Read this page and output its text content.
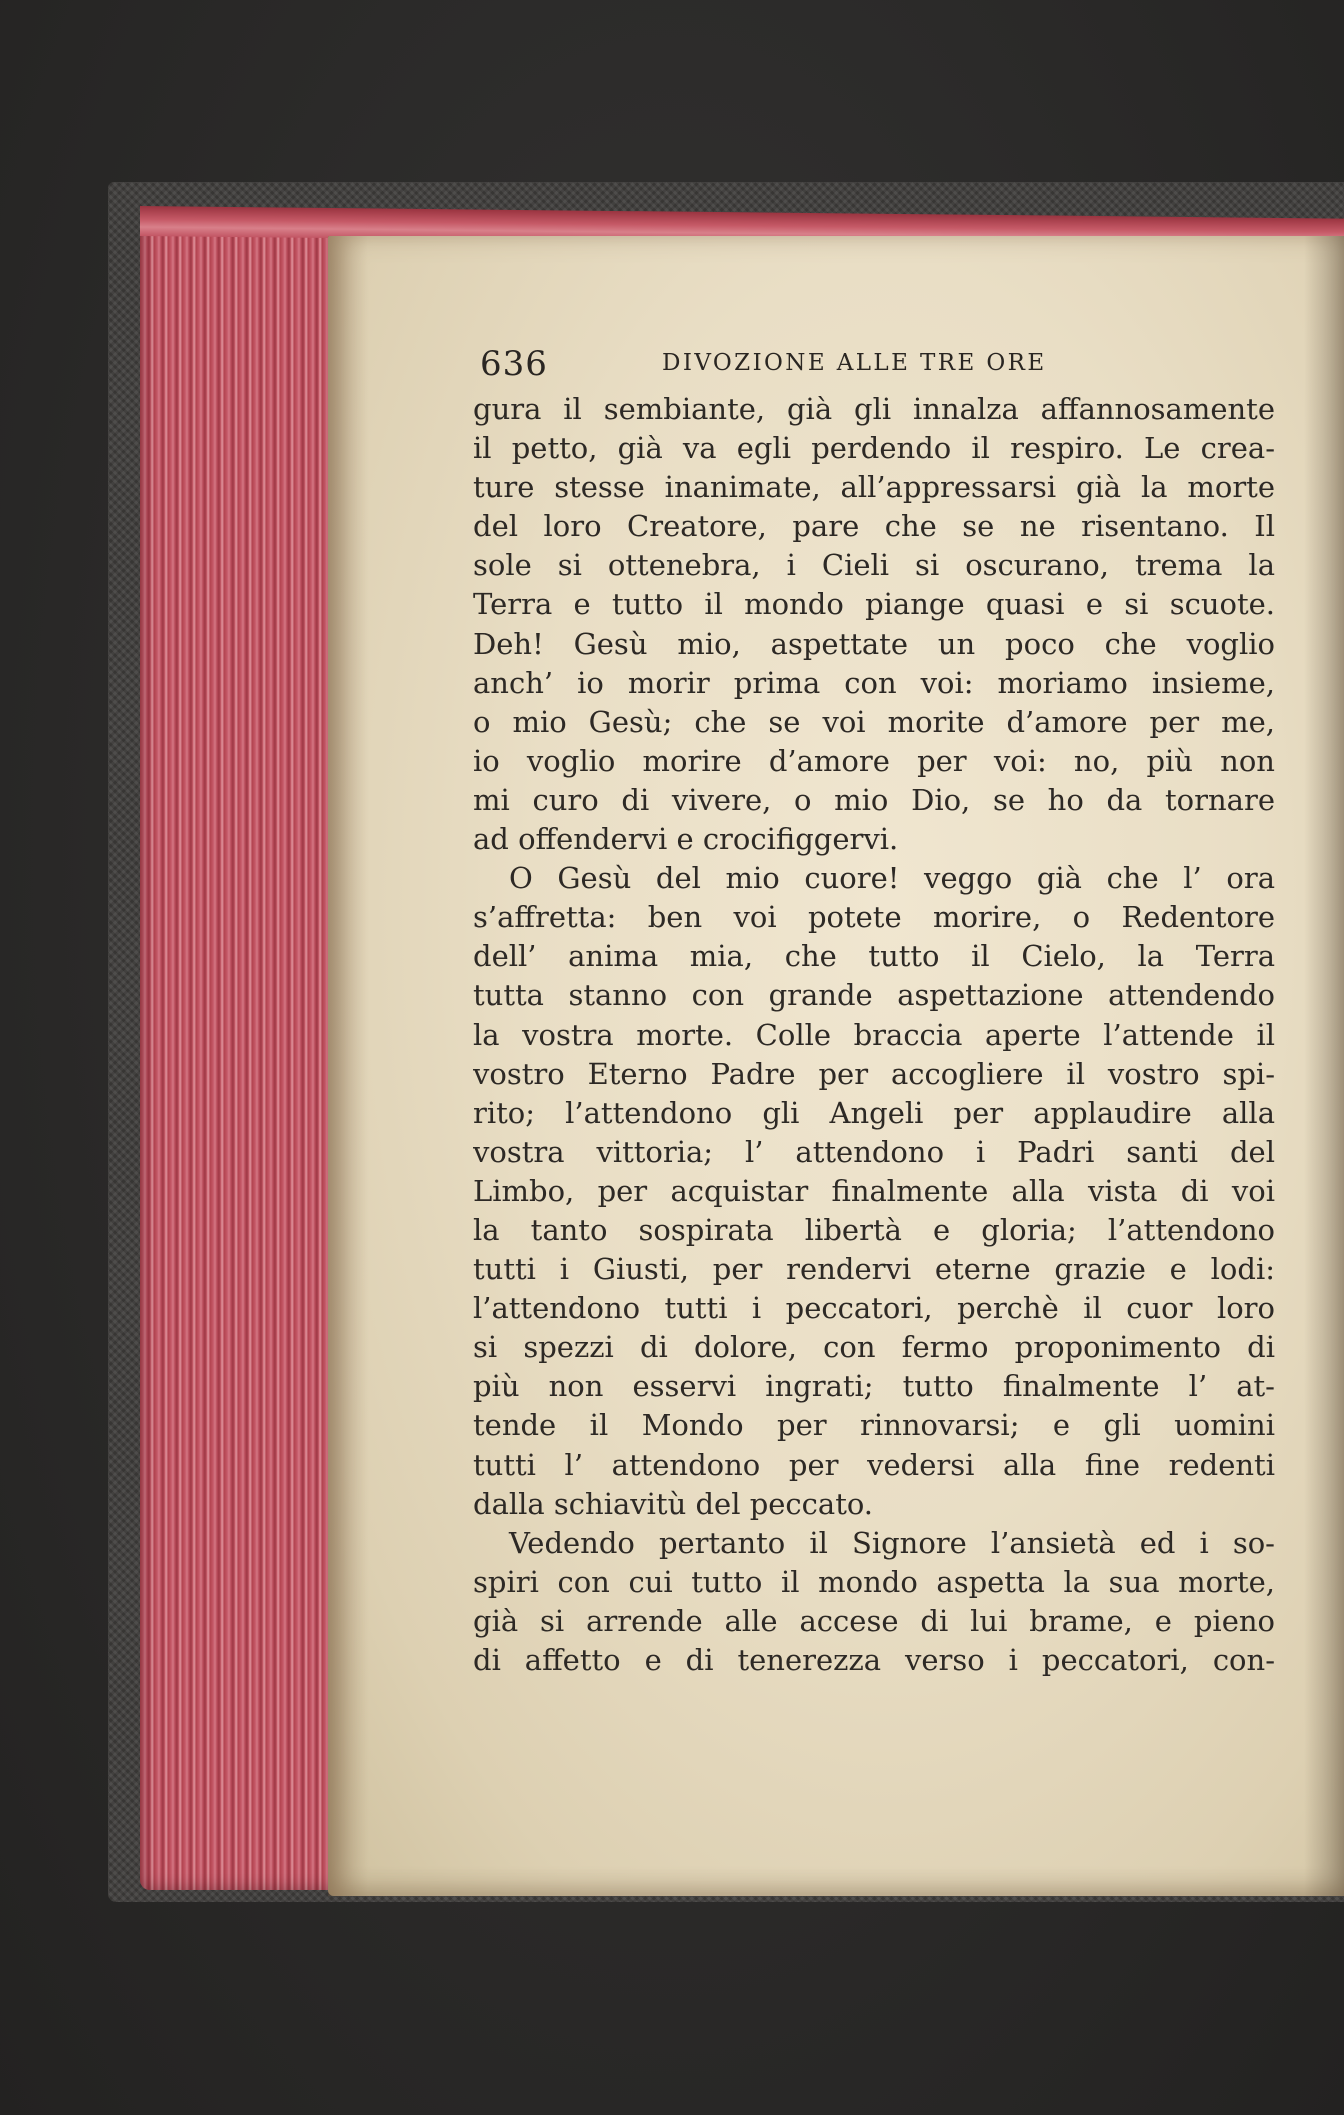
636	DIVOZIONE ALLE TRE ORE
gura il sembiante, già gli innalza affannosamente
il petto, già va egli perdendo il respiro. Le crea-
ture stesse inanimate, all’appressarsi già la morte
del loro Creatore, pare che se ne risentano. Il
sole si ottenebra, i Cieli si oscurano, trema la
Terra e tutto il mondo piange quasi e si scuote.
Deh! Gesù mio, aspettate un poco che voglio
anch’ io morir prima con voi: moriamo insieme,
o mio Gesù; che se voi morite d’amore per me,
io voglio morire d’amore per voi: no, più non
mi curo di vivere, o mio Dio, se ho da tornare
ad offendervi e crocifiggervi.
O Gesù del mio cuore! veggo già che l’ ora
s’affretta: ben voi potete morire, o Redentore
dell’ anima mia, che tutto il Cielo, la Terra
tutta stanno con grande aspettazione attendendo
la vostra morte. Colle braccia aperte l’attende il
vostro Eterno Padre per accogliere il vostro spi-
rito; l’attendono gli Angeli per applaudire alla
vostra vittoria; l’ attendono i Padri santi del
Limbo, per acquistar finalmente alla vista di voi
la tanto sospirata libertà e gloria; l’attendono
tutti i Giusti, per rendervi eterne grazie e lodi:
l’attendono tutti i peccatori, perchè il cuor loro
si spezzi di dolore, con fermo proponimento di
più non esservi ingrati; tutto finalmente l’ at-
tende il Mondo per rinnovarsi; e gli uomini
tutti l’ attendono per vedersi alla fine redenti
dalla schiavitù del peccato.
Vedendo pertanto il Signore l’ansietà ed i so-
spiri con cui tutto il mondo aspetta la sua morte,
già si arrende alle accese di lui brame, e pieno
di affetto e di tenerezza verso i peccatori, con-
